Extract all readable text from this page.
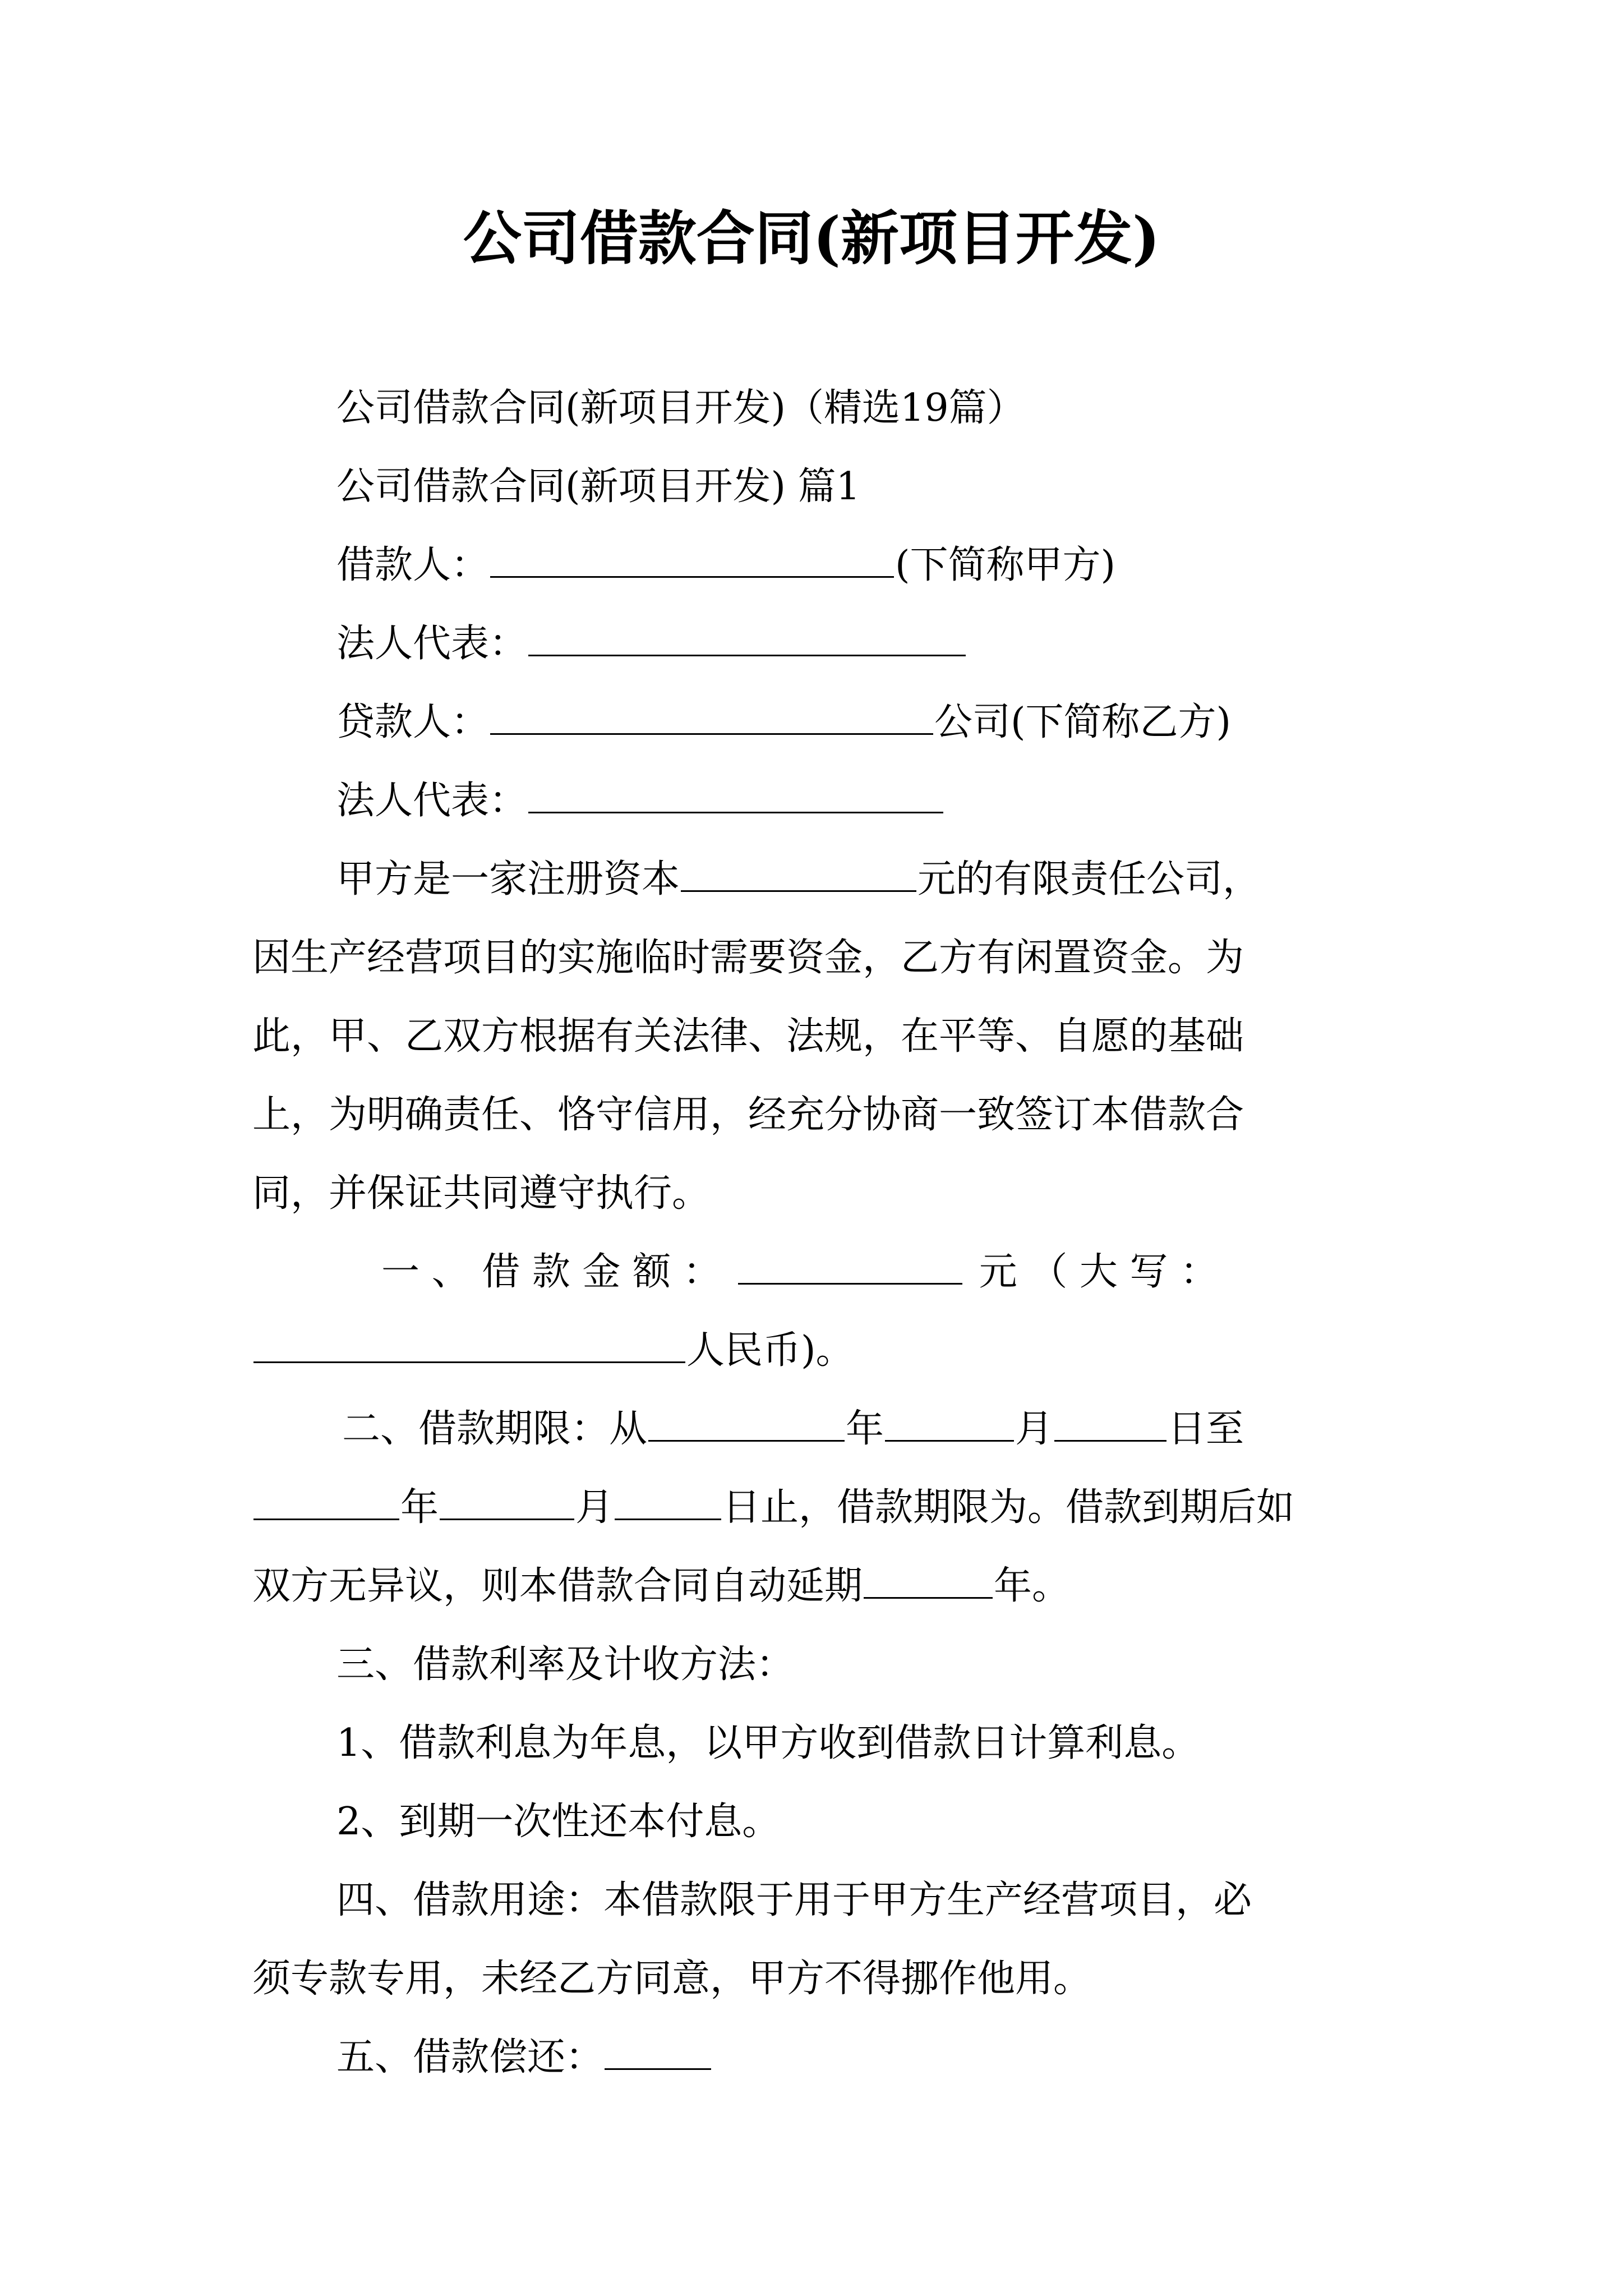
公司借款合同(新项目开发)
公司借款合同(新项目开发)（精选19篇）
公司借款合同(新项目开发) 篇1
借款人：	(下简称甲方)
法人代表：
贷款人：	公司(下简称乙方)
法人代表：
甲方是一家注册资本	元的有限责任公司，
因生产经营项目的实施临时需要资金，乙方有闲置资金。为
此，甲、乙双方根据有关法律、法规，在平等、自愿的基础
上，为明确责任、恪守信用，经充分协商一致签订本借款合
同，并保证共同遵守执行。
一 、 借 款 金 额 ：	元 （ 大 写 ：
人民币)。
二、借款期限：从	年	月	日至
年	月	日止，借款期限为。借款到期后如
双方无异议，则本借款合同自动延期	年。
三、借款利率及计收方法：
1、借款利息为年息，以甲方收到借款日计算利息。
2、到期一次性还本付息。
四、借款用途：本借款限于用于甲方生产经营项目，必
须专款专用，未经乙方同意，甲方不得挪作他用。
五、借款偿还：
